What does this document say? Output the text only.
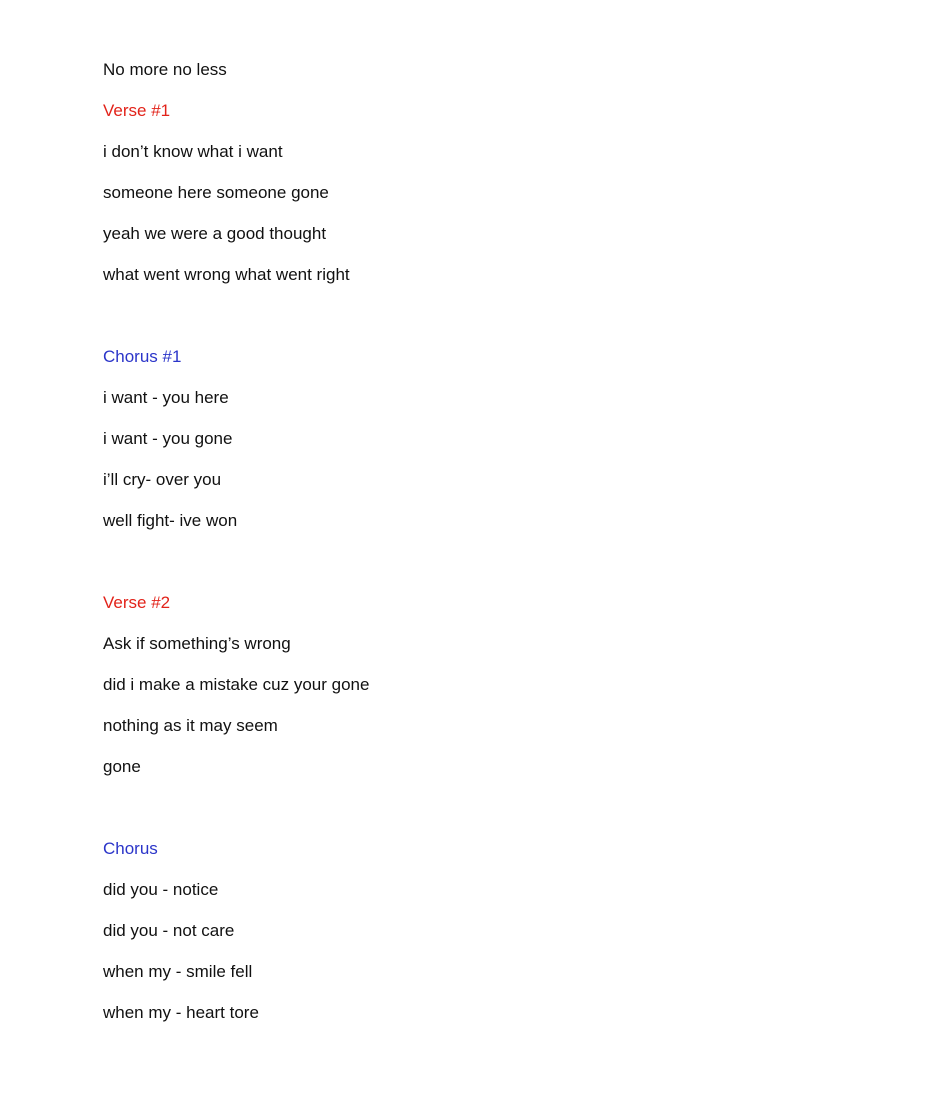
No more no less
Verse #1
i don’t know what i want
someone here someone gone
yeah we were a good thought
what went wrong what went right
Chorus #1
i want - you here
i want - you gone
i’ll cry- over you
well fight- ive won
Verse #2
Ask if something’s wrong
did i make a mistake cuz your gone
nothing as it may seem
gone
Chorus
did you - notice
did you - not care
when my - smile fell
when my - heart tore
